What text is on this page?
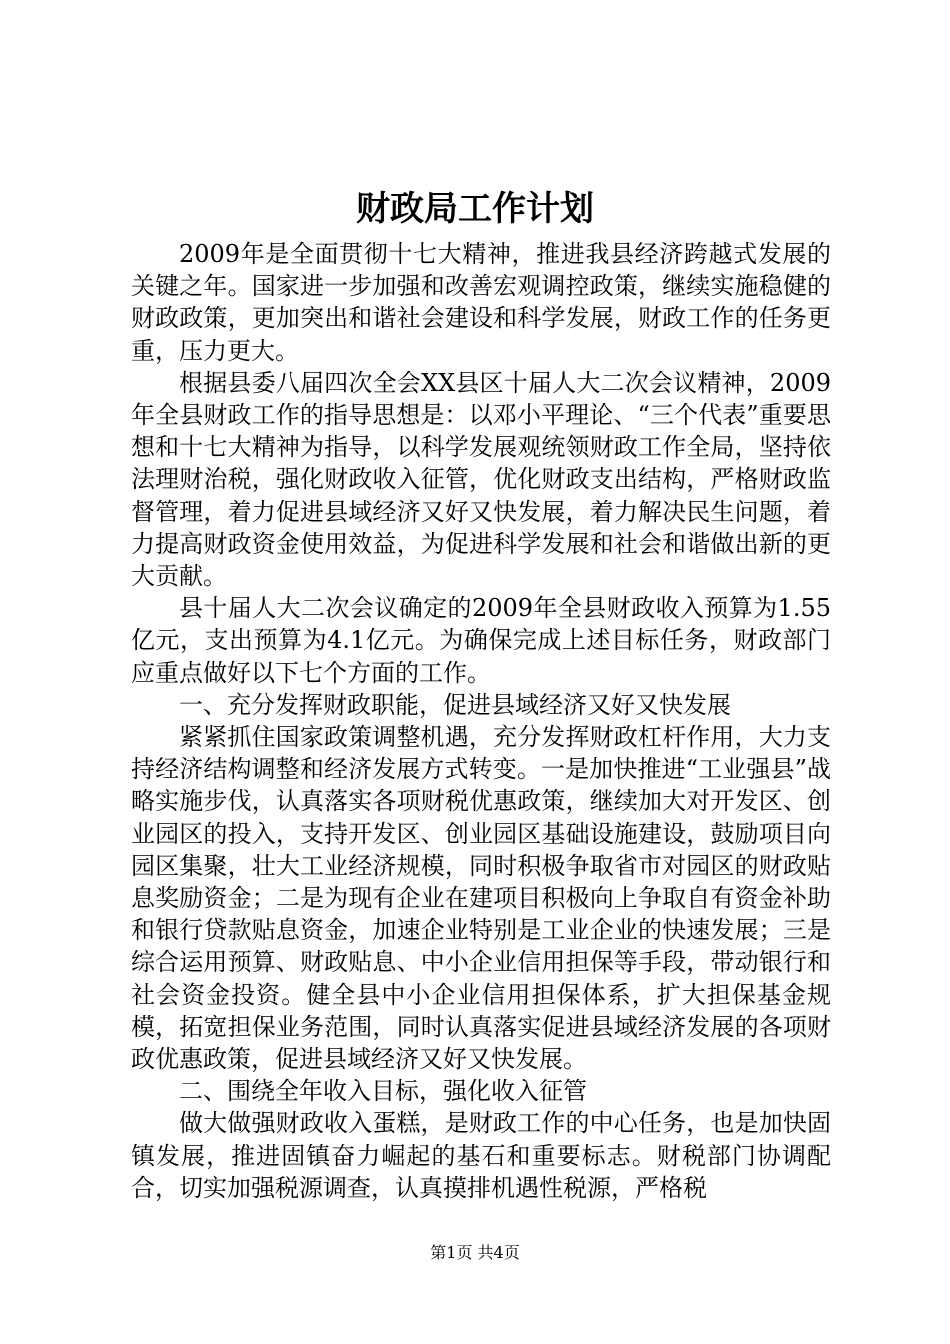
财政局工作计划

2009年是全面贯彻十七大精神，推进我县经济跨越式发展的关键之年。国家进一步加强和改善宏观调控政策，继续实施稳健的财政政策，更加突出和谐社会建设和科学发展，财政工作的任务更重，压力更大。

根据县委八届四次全会XX县区十届人大二次会议精神，2009年全县财政工作的指导思想是：以邓小平理论、“三个代表”重要思想和十七大精神为指导，以科学发展观统领财政工作全局，坚持依法理财治税，强化财政收入征管，优化财政支出结构，严格财政监督管理，着力促进县域经济又好又快发展，着力解决民生问题，着力提高财政资金使用效益，为促进科学发展和社会和谐做出新的更大贡献。

县十届人大二次会议确定的2009年全县财政收入预算为1.55亿元，支出预算为4.1亿元。为确保完成上述目标任务，财政部门应重点做好以下七个方面的工作。

一、充分发挥财政职能，促进县域经济又好又快发展

紧紧抓住国家政策调整机遇，充分发挥财政杠杆作用，大力支持经济结构调整和经济发展方式转变。一是加快推进“工业强县”战略实施步伐，认真落实各项财税优惠政策，继续加大对开发区、创业园区的投入，支持开发区、创业园区基础设施建设，鼓励项目向园区集聚，壮大工业经济规模，同时积极争取省市对园区的财政贴息奖励资金；二是为现有企业在建项目积极向上争取自有资金补助和银行贷款贴息资金，加速企业特别是工业企业的快速发展；三是综合运用预算、财政贴息、中小企业信用担保等手段，带动银行和社会资金投资。健全县中小企业信用担保体系，扩大担保基金规模，拓宽担保业务范围，同时认真落实促进县域经济发展的各项财政优惠政策，促进县域经济又好又快发展。

二、围绕全年收入目标，强化收入征管

做大做强财政收入蛋糕，是财政工作的中心任务，也是加快固镇发展，推进固镇奋力崛起的基石和重要标志。财税部门协调配合，切实加强税源调查，认真摸排机遇性税源，严格税

第1页 共4页
